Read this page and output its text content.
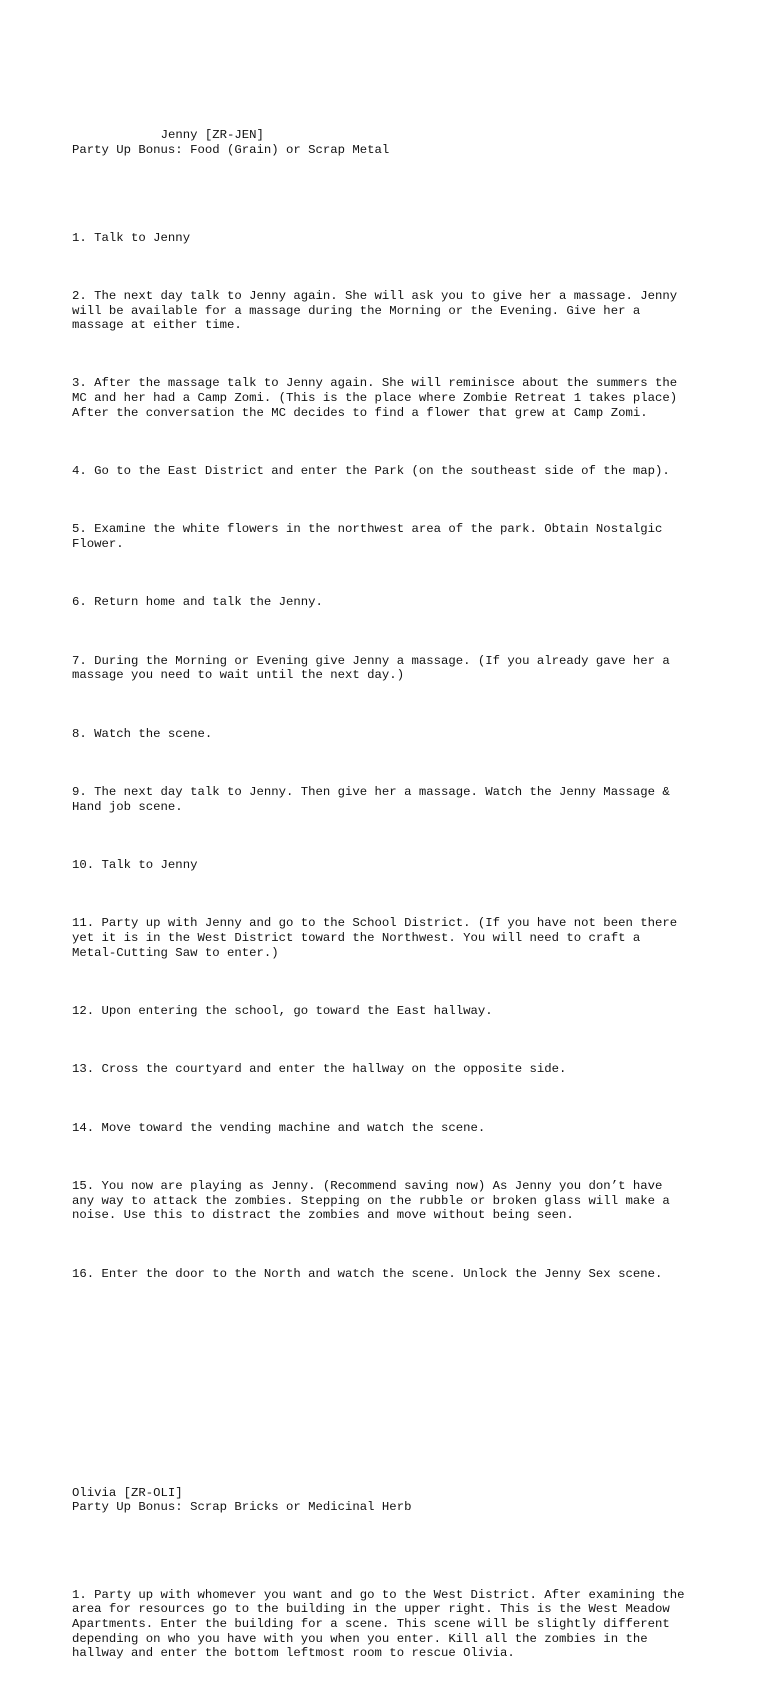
Jenny [ZR-JEN]
Party Up Bonus: Food (Grain) or Scrap Metal

1. Talk to Jenny

2. The next day talk to Jenny again. She will ask you to give her a massage. Jenny
will be available for a massage during the Morning or the Evening. Give her a
massage at either time.

3. After the massage talk to Jenny again. She will reminisce about the summers the
MC and her had a Camp Zomi. (This is the place where Zombie Retreat 1 takes place)
After the conversation the MC decides to find a flower that grew at Camp Zomi.

4. Go to the East District and enter the Park (on the southeast side of the map).

5. Examine the white flowers in the northwest area of the park. Obtain Nostalgic
Flower.

6. Return home and talk the Jenny.

7. During the Morning or Evening give Jenny a massage. (If you already gave her a
massage you need to wait until the next day.)

8. Watch the scene.

9. The next day talk to Jenny. Then give her a massage. Watch the Jenny Massage &
Hand job scene.

10. Talk to Jenny

11. Party up with Jenny and go to the School District. (If you have not been there
yet it is in the West District toward the Northwest. You will need to craft a
Metal-Cutting Saw to enter.)

12. Upon entering the school, go toward the East hallway.

13. Cross the courtyard and enter the hallway on the opposite side.

14. Move toward the vending machine and watch the scene.

15. You now are playing as Jenny. (Recommend saving now) As Jenny you don’t have
any way to attack the zombies. Stepping on the rubble or broken glass will make a
noise. Use this to distract the zombies and move without being seen.

16. Enter the door to the North and watch the scene. Unlock the Jenny Sex scene.

Olivia [ZR-OLI]
Party Up Bonus: Scrap Bricks or Medicinal Herb

1. Party up with whomever you want and go to the West District. After examining the
area for resources go to the building in the upper right. This is the West Meadow
Apartments. Enter the building for a scene. This scene will be slightly different
depending on who you have with you when you enter. Kill all the zombies in the
hallway and enter the bottom leftmost room to rescue Olivia.
